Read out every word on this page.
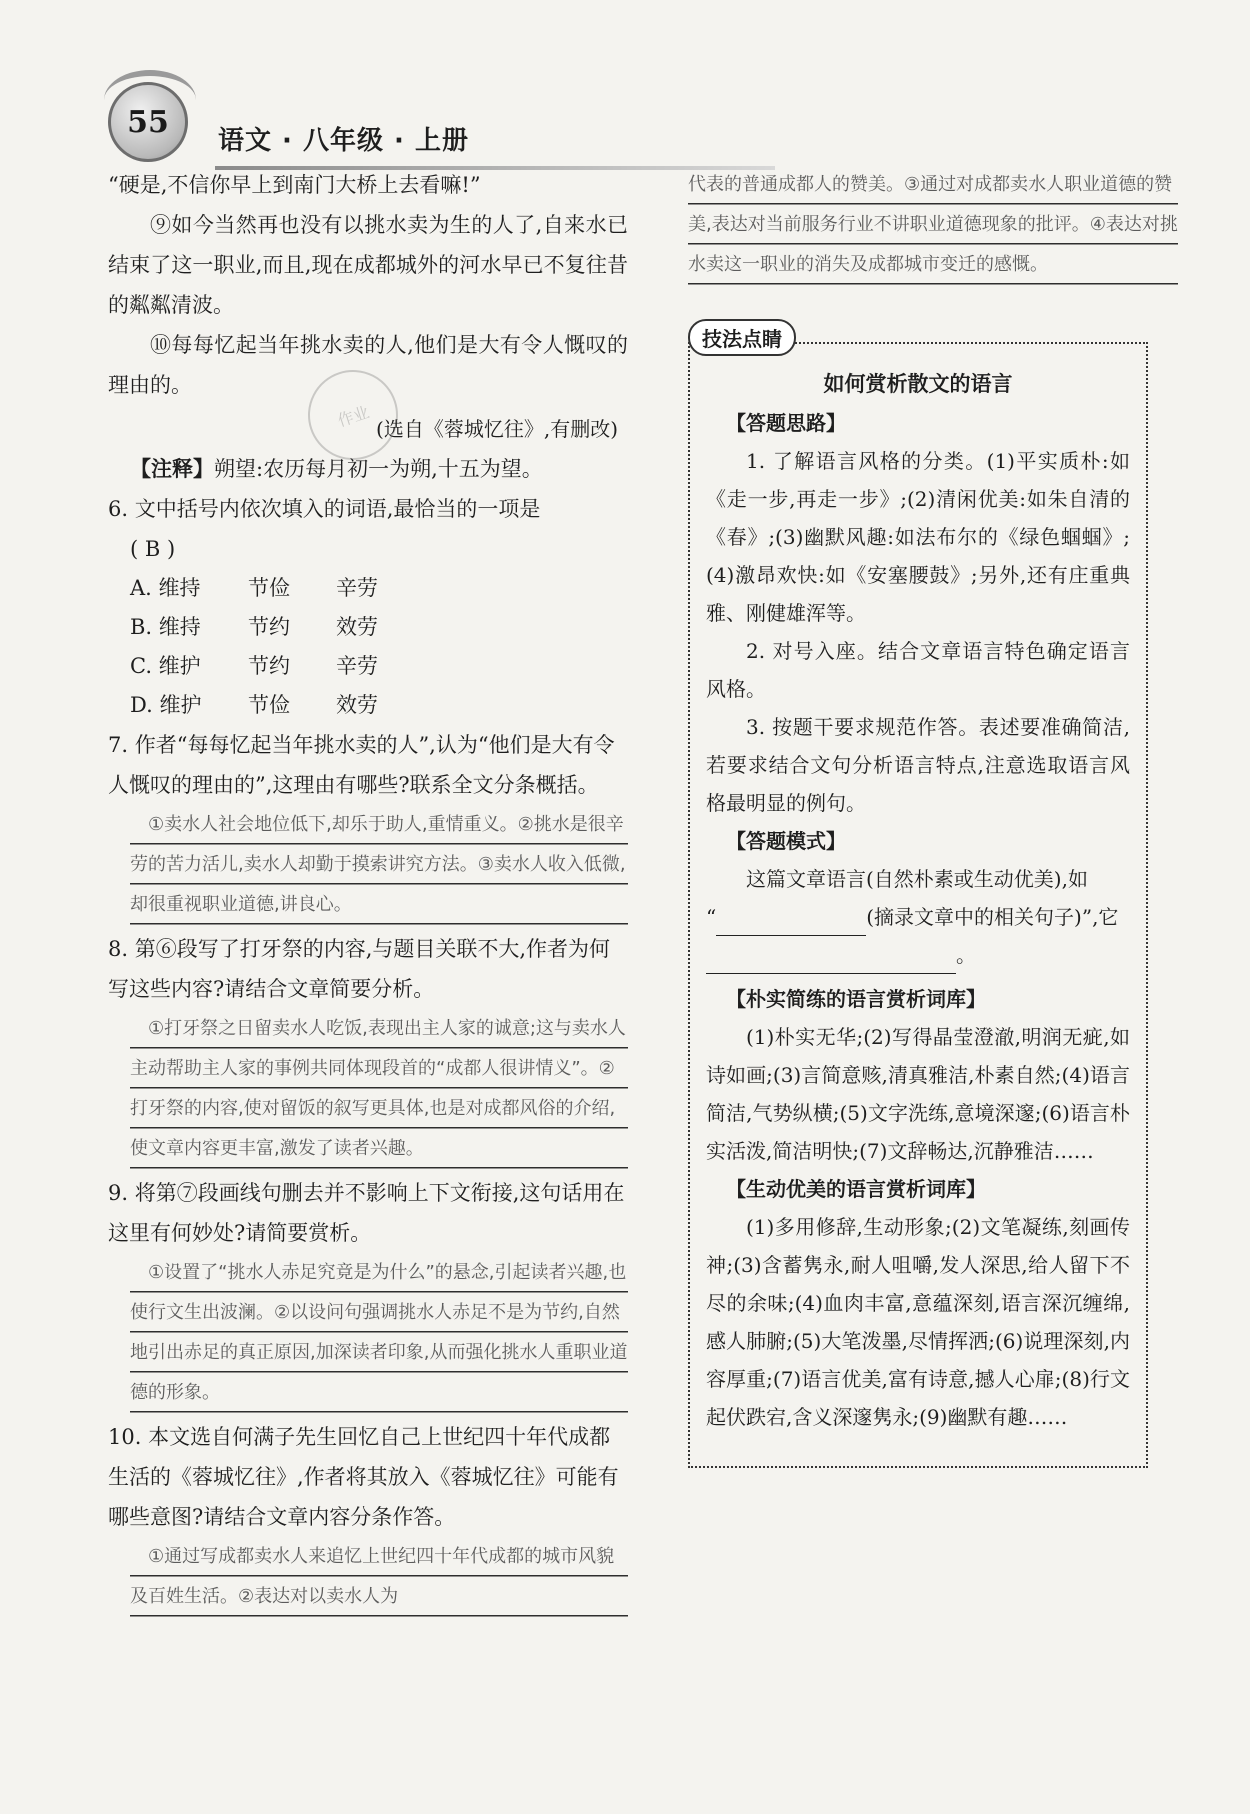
55
语文 · 八年级 · 上册
作业

“硬是,不信你早上到南门大桥上去看嘛!”

⑨如今当然再也没有以挑水卖为生的人了,自来水已结束了这一职业,而且,现在成都城外的河水早已不复往昔的粼粼清波。

⑩每每忆起当年挑水卖的人,他们是大有令人慨叹的理由的。

(选自《蓉城忆往》,有删改)

【注释】朔望:农历每月初一为朔,十五为望。

6. 文中括号内依次填入的词语,最恰当的一项是

( B )

A. 维持	节俭	辛劳
B. 维持	节约	效劳
C. 维护	节约	辛劳
D. 维护	节俭	效劳

7. 作者“每每忆起当年挑水卖的人”,认为“他们是大有令人慨叹的理由的”,这理由有哪些?联系全文分条概括。

①卖水人社会地位低下,却乐于助人,重情重义。②挑水是很辛劳的苦力活儿,卖水人却勤于摸索讲究方法。③卖水人收入低微,却很重视职业道德,讲良心。

8. 第⑥段写了打牙祭的内容,与题目关联不大,作者为何写这些内容?请结合文章简要分析。

①打牙祭之日留卖水人吃饭,表现出主人家的诚意;这与卖水人主动帮助主人家的事例共同体现段首的“成都人很讲情义”。②打牙祭的内容,使对留饭的叙写更具体,也是对成都风俗的介绍,使文章内容更丰富,激发了读者兴趣。

9. 将第⑦段画线句删去并不影响上下文衔接,这句话用在这里有何妙处?请简要赏析。

①设置了“挑水人赤足究竟是为什么”的悬念,引起读者兴趣,也使行文生出波澜。②以设问句强调挑水人赤足不是为节约,自然地引出赤足的真正原因,加深读者印象,从而强化挑水人重职业道德的形象。

10. 本文选自何满子先生回忆自己上世纪四十年代成都生活的《蓉城忆往》,作者将其放入《蓉城忆往》可能有哪些意图?请结合文章内容分条作答。

①通过写成都卖水人来追忆上世纪四十年代成都的城市风貌及百姓生活。②表达对以卖水人为

代表的普通成都人的赞美。③通过对成都卖水人职业道德的赞美,表达对当前服务行业不讲职业道德现象的批评。④表达对挑水卖这一职业的消失及成都城市变迁的感慨。

技法点睛

如何赏析散文的语言

【答题思路】

1. 了解语言风格的分类。(1)平实质朴:如《走一步,再走一步》;(2)清闲优美:如朱自清的《春》;(3)幽默风趣:如法布尔的《绿色蝈蝈》;(4)激昂欢快:如《安塞腰鼓》;另外,还有庄重典雅、刚健雄浑等。

2. 对号入座。结合文章语言特色确定语言风格。

3. 按题干要求规范作答。表述要准确简洁,若要求结合文句分析语言特点,注意选取语言风格最明显的例句。

【答题模式】

这篇文章语言(自然朴素或生动优美),如

“	(摘录文章中的相关句子)”,它

。

【朴实简练的语言赏析词库】

(1)朴实无华;(2)写得晶莹澄澈,明润无疵,如诗如画;(3)言简意赅,清真雅洁,朴素自然;(4)语言简洁,气势纵横;(5)文字洗练,意境深邃;(6)语言朴实活泼,简洁明快;(7)文辞畅达,沉静雅洁……

【生动优美的语言赏析词库】

(1)多用修辞,生动形象;(2)文笔凝练,刻画传神;(3)含蓄隽永,耐人咀嚼,发人深思,给人留下不尽的余味;(4)血肉丰富,意蕴深刻,语言深沉缠绵,感人肺腑;(5)大笔泼墨,尽情挥洒;(6)说理深刻,内容厚重;(7)语言优美,富有诗意,撼人心扉;(8)行文起伏跌宕,含义深邃隽永;(9)幽默有趣……
